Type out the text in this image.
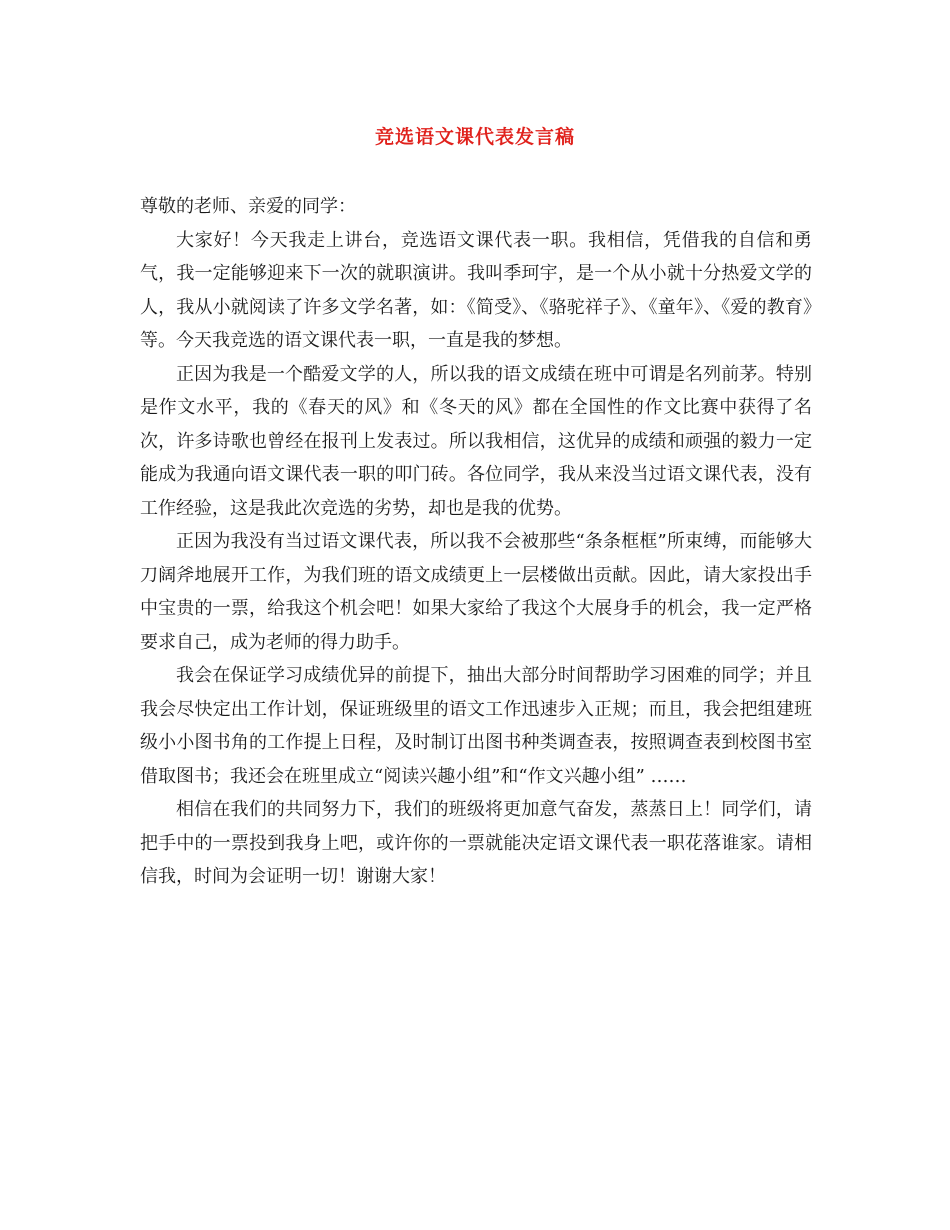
竞选语文课代表发言稿

尊敬的老师、亲爱的同学：

大家好！今天我走上讲台，竞选语文课代表一职。我相信，凭借我的自信和勇气，我一定能够迎来下一次的就职演讲。我叫季珂宇，是一个从小就十分热爱文学的人，我从小就阅读了许多文学名著，如：《简受》、《骆驼祥子》、《童年》、《爱的教育》等。今天我竞选的语文课代表一职，一直是我的梦想。

正因为我是一个酷爱文学的人，所以我的语文成绩在班中可谓是名列前茅。特别是作文水平，我的《春天的风》和《冬天的风》都在全国性的作文比赛中获得了名次，许多诗歌也曾经在报刊上发表过。所以我相信，这优异的成绩和顽强的毅力一定能成为我通向语文课代表一职的叩门砖。各位同学，我从来没当过语文课代表，没有工作经验，这是我此次竞选的劣势，却也是我的优势。

正因为我没有当过语文课代表，所以我不会被那些“条条框框”所束缚，而能够大刀阔斧地展开工作，为我们班的语文成绩更上一层楼做出贡献。因此，请大家投出手中宝贵的一票，给我这个机会吧！如果大家给了我这个大展身手的机会，我一定严格要求自己，成为老师的得力助手。

我会在保证学习成绩优异的前提下，抽出大部分时间帮助学习困难的同学；并且我会尽快定出工作计划，保证班级里的语文工作迅速步入正规；而且，我会把组建班级小小图书角的工作提上日程，及时制订出图书种类调查表，按照调查表到校图书室借取图书；我还会在班里成立“阅读兴趣小组”和“作文兴趣小组” ……

相信在我们的共同努力下，我们的班级将更加意气奋发，蒸蒸日上！同学们，请把手中的一票投到我身上吧，或许你的一票就能决定语文课代表一职花落谁家。请相信我，时间为会证明一切！谢谢大家！
